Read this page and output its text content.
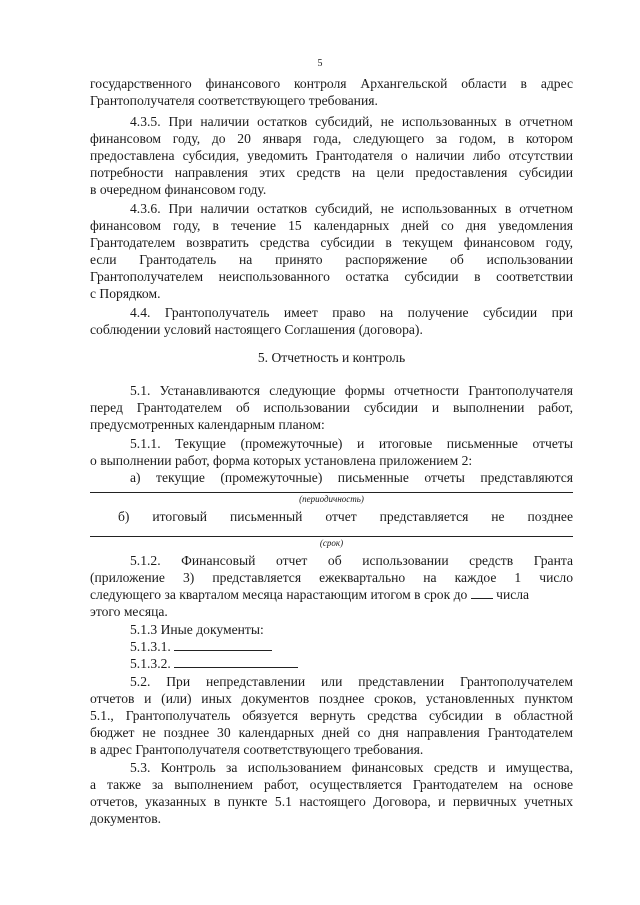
5
государственного финансового контроля Архангельской области в адрес
Грантополучателя соответствующего требования.
4.3.5. При наличии остатков субсидий, не использованных в отчетном
финансовом году, до 20 января года, следующего за годом, в котором
предоставлена субсидия, уведомить Грантодателя о наличии либо отсутствии
потребности направления этих средств на цели предоставления субсидии
в очередном финансовом году.
4.3.6. При наличии остатков субсидий, не использованных в отчетном
финансовом году, в течение 15 календарных дней со дня уведомления
Грантодателем возвратить средства субсидии в текущем финансовом году,
если Грантодатель на принято распоряжение об использовании
Грантополучателем неиспользованного остатка субсидии в соответствии
с Порядком.
4.4. Грантополучатель имеет право на получение субсидии при
соблюдении условий настоящего Соглашения (договора).
5. Отчетность и контроль
5.1. Устанавливаются следующие формы отчетности Грантополучателя
перед Грантодателем об использовании субсидии и выполнении работ,
предусмотренных календарным планом:
5.1.1. Текущие (промежуточные) и итоговые письменные отчеты
о выполнении работ, форма которых установлена приложением 2:
а) текущие (промежуточные) письменные отчеты представляются
(периодичность)
б) итоговый письменный отчет представляется не позднее
(срок)
5.1.2. Финансовый отчет об использовании средств Гранта
(приложение 3) представляется ежеквартально на каждое 1 число
следующего за кварталом месяца нарастающим итогом в срок до числа
этого месяца.
5.1.3 Иные документы:
5.1.3.1.
5.1.3.2.
5.2. При непредставлении или представлении Грантополучателем
отчетов и (или) иных документов позднее сроков, установленных пунктом
5.1., Грантополучатель обязуется вернуть средства субсидии в областной
бюджет не позднее 30 календарных дней со дня направления Грантодателем
в адрес Грантополучателя соответствующего требования.
5.3. Контроль за использованием финансовых средств и имущества,
а также за выполнением работ, осуществляется Грантодателем на основе
отчетов, указанных в пункте 5.1 настоящего Договора, и первичных учетных
документов.
